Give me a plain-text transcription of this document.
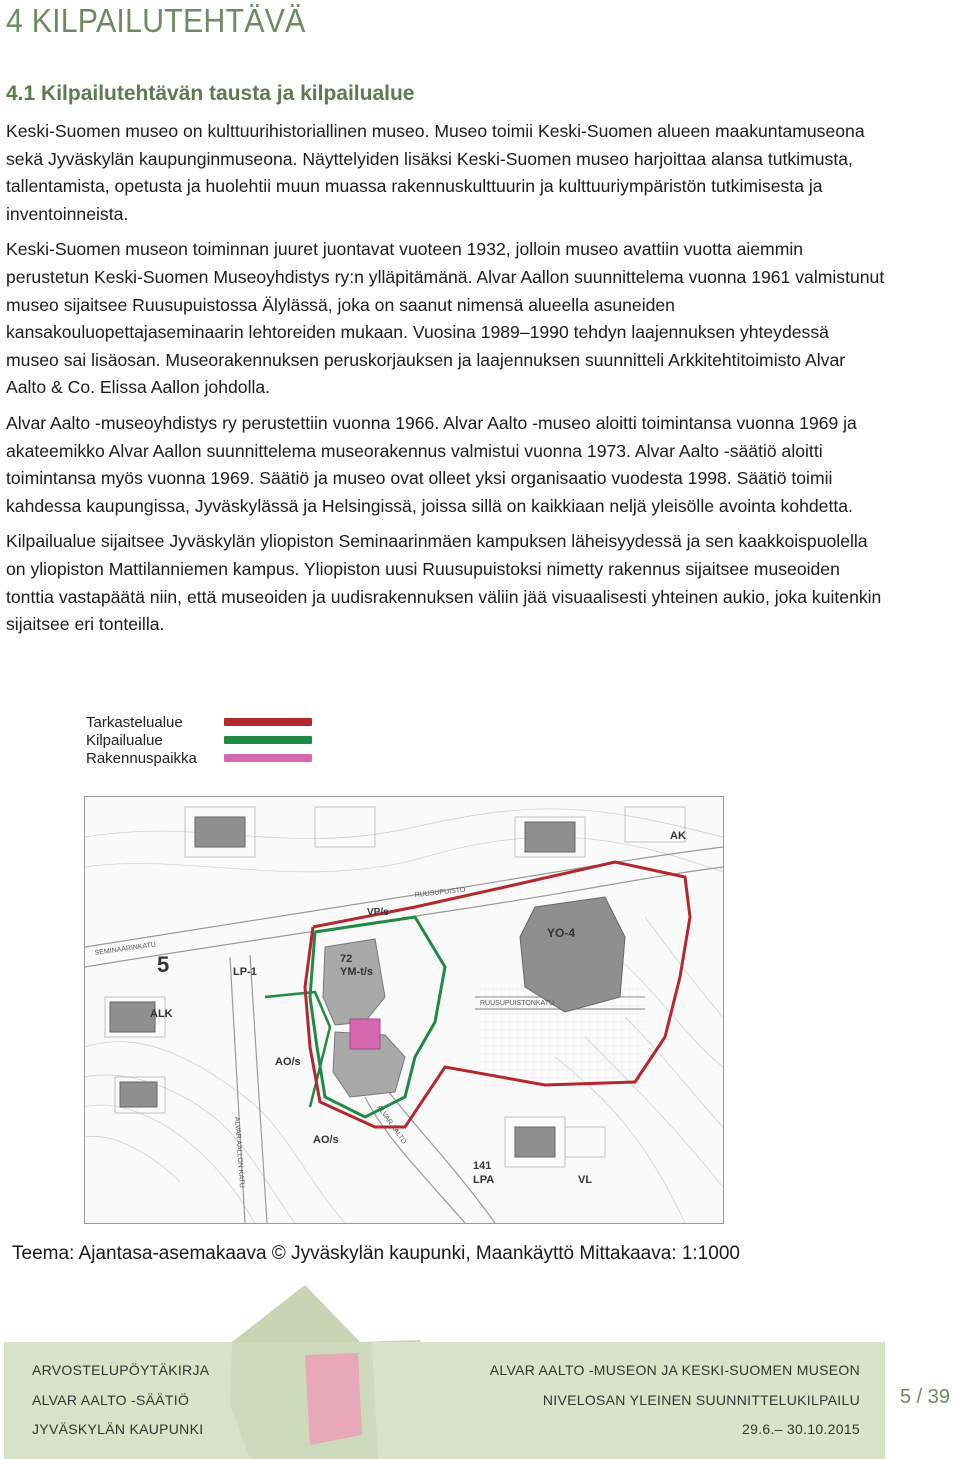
4 KILPAILUTEHTÄVÄ
4.1 Kilpailutehtävän tausta ja kilpailualue

Keski-Suomen museo on kulttuurihistoriallinen museo. Museo toimii Keski-Suomen alueen maakuntamuseona sekä Jyväskylän kaupunginmuseona. Näyttelyiden lisäksi Keski-Suomen museo harjoittaa alansa tutkimusta, tallentamista, opetusta ja huolehtii muun muassa rakennuskulttuurin ja kulttuuriympäristön tutkimisesta ja inventoinneista.

Keski-Suomen museon toiminnan juuret juontavat vuoteen 1932, jolloin museo avattiin vuotta aiemmin perustetun Keski-Suomen Museoyhdistys ry:n ylläpitämänä. Alvar Aallon suunnittelema vuonna 1961 valmistunut museo sijaitsee Ruusupuistossa Älylässä, joka on saanut nimensä alueella asuneiden kansakouluopettajaseminaarin lehtoreiden mukaan. Vuosina 1989–1990 tehdyn laajennuksen yhteydessä museo sai lisäosan. Museorakennuksen peruskorjauksen ja laajennuksen suunnitteli Arkkitehtitoimisto Alvar Aalto & Co. Elissa Aallon johdolla.

Alvar Aalto -museoyhdistys ry perustettiin vuonna 1966. Alvar Aalto -museo aloitti toimintansa vuonna 1969 ja akateemikko Alvar Aallon suunnittelema museorakennus valmistui vuonna 1973. Alvar Aalto -säätiö aloitti toimintansa myös vuonna 1969. Säätiö ja museo ovat olleet yksi organisaatio vuodesta 1998. Säätiö toimii kahdessa kaupungissa, Jyväskylässä ja Helsingissä, joissa sillä on kaikkiaan neljä yleisölle avointa kohdetta.

Kilpailualue sijaitsee Jyväskylän yliopiston Seminaarinmäen kampuksen läheisyydessä ja sen kaakkoispuolella on yliopiston Mattilanniemen kampus. Yliopiston uusi Ruusupuistoksi nimetty rakennus sijaitsee museoiden tonttia vastapäätä niin, että museoiden ja uudisrakennuksen väliin jää visuaalisesti yhteinen aukio, joka kuitenkin sijaitsee eri tonteilla.

Tarkastelualue
Kilpailualue
Rakennuspaikka
5	LP-1
ALK
72
YM-t/s
AO/s
AO/s
YO-4
AK
VP/s
141
LPA	VL
SEMINAARINKATU
RUUSUPUISTO
RUUSUPUISTONKATU
ALVAR AALTO
ALVAR AALLON KATU
Teema: Ajantasa-asemakaava © Jyväskylän kaupunki, Maankäyttö Mittakaava: 1:1000
ARVOSTELUPÖYTÄKIRJA
ALVAR AALTO -SÄÄTIÖ
JYVÄSKYLÄN KAUPUNKI
ALVAR AALTO -MUSEON JA KESKI-SUOMEN MUSEON
NIVELOSAN YLEINEN SUUNNITTELUKILPAILU
29.6.– 30.10.2015
5 / 39
